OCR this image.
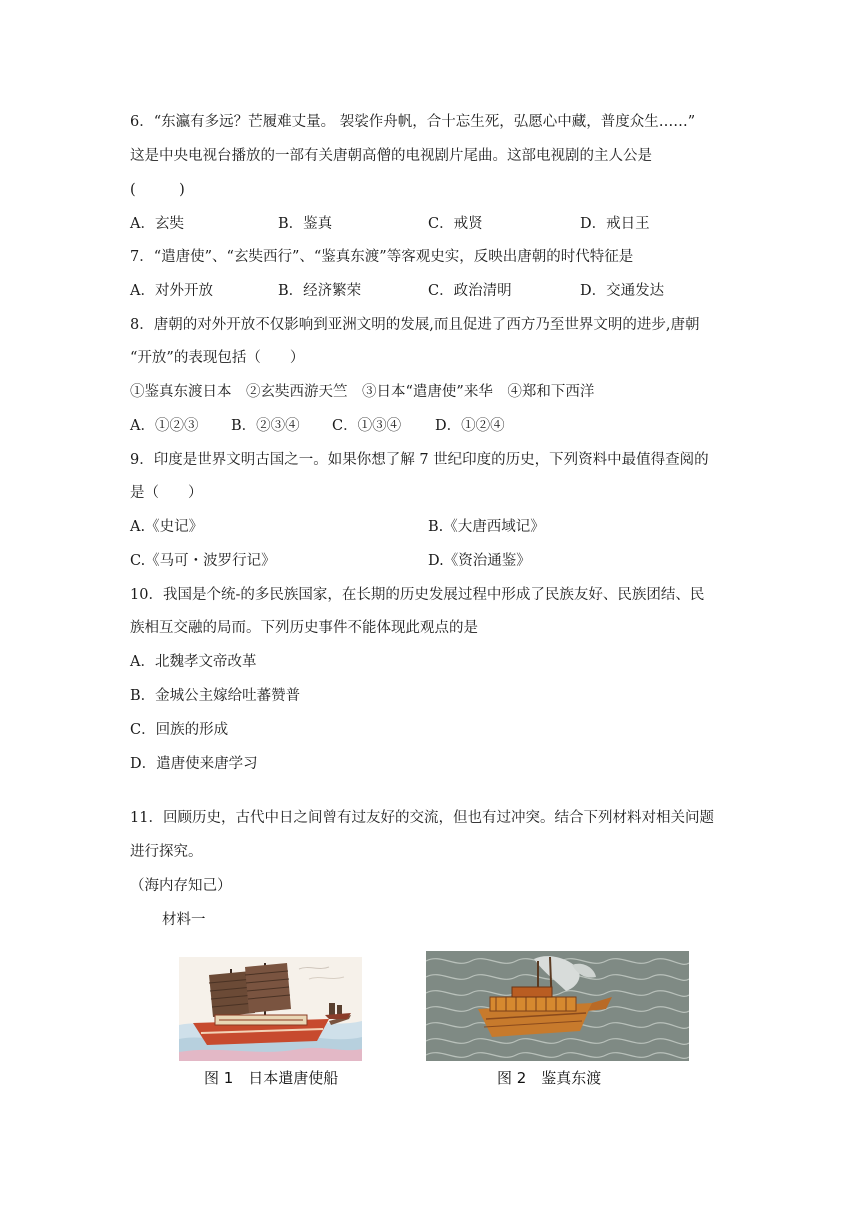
6．“东瀛有多远？芒履难丈量。 袈裟作舟帆，合十忘生死，弘愿心中藏，普度众生……”
这是中央电视台播放的一部有关唐朝高僧的电视剧片尾曲。这部电视剧的主人公是
(　　　)
A．玄奘	B．鉴真	C．戒贤	D．戒日王
7．“遣唐使”、“玄奘西行”、“鉴真东渡”等客观史实，反映出唐朝的时代特征是
A．对外开放	B．经济繁荣	C．政治清明	D．交通发达
8．唐朝的对外开放不仅影响到亚洲文明的发展,而且促进了西方乃至世界文明的进步,唐朝
“开放”的表现包括（　　）
①鉴真东渡日本　②玄奘西游天竺　③日本“遣唐使”来华　④郑和下西洋
A．①②③ B．②③④ C．①③④ D．①②④
9．印度是世界文明古国之一。如果你想了解 7 世纪印度的历史，下列资料中最值得查阅的
是（　　）
A.《史记》	B.《大唐西域记》
C.《马可・波罗行记》	D.《资治通鉴》
10．我国是个统-的多民族国家，在长期的历史发展过程中形成了民族友好、民族团结、民
族相互交融的局而。下列历史事件不能体现此观点的是
A．北魏孝文帝改革
B．金城公主嫁给吐蕃赞普
C．回族的形成
D．遣唐使来唐学习
11．回顾历史，古代中日之间曾有过友好的交流，但也有过冲突。结合下列材料对相关问题
进行探究。
（海内存知己）
材料一
图 1　日本遣唐使船	图 2　鉴真东渡
